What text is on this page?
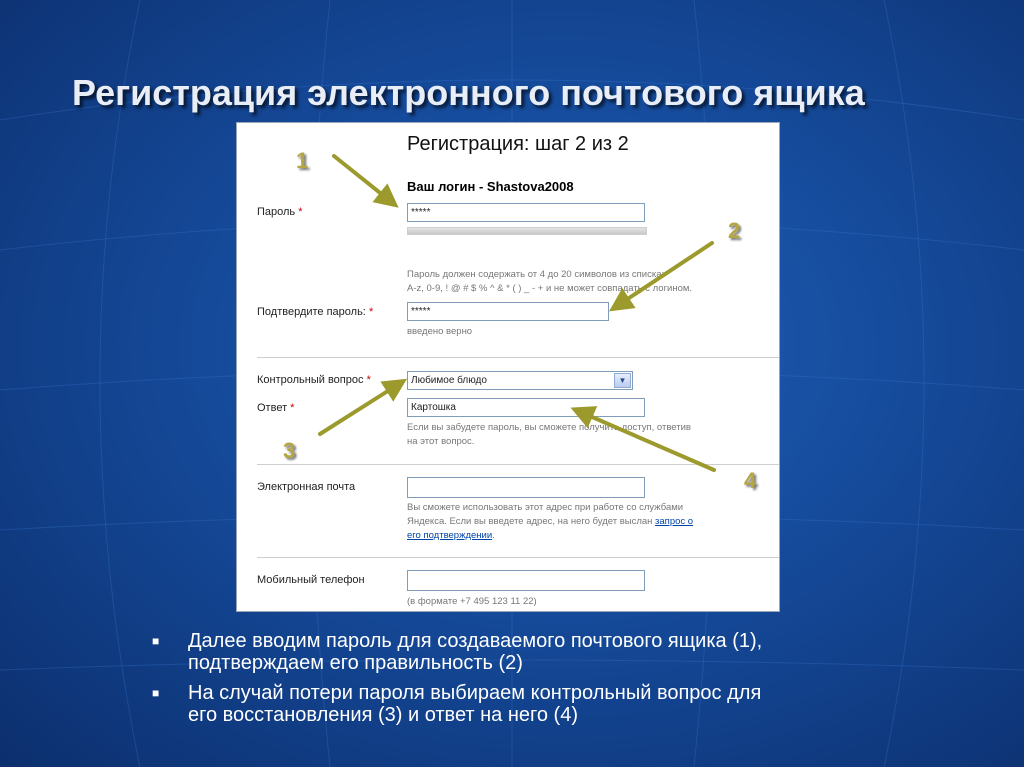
Регистрация электронного почтового ящика
Регистрация: шаг 2 из 2
Ваш логин - Shastova2008
Пароль *	*****
Пароль должен содержать от 4 до 20 символов из списка:
A-z, 0-9, ! @ # $ % ^ & * ( ) _ - + и не может совпадать с логином.
Подтвердите пароль: *	*****
введено верно
Контрольный вопрос *	Любимое блюдо	▼
Ответ *	Картошка
Если вы забудете пароль, вы сможете получить доступ, ответив
на этот вопрос.
Электронная почта
Вы сможете использовать этот адрес при работе со службами
Яндекса. Если вы введете адрес, на него будет выслан запрос о
его подтверждении.
Мобильный телефон
(в формате +7 495 123 11 22)
1
2
3
4
■ Далее вводим пароль для создаваемого почтового ящика (1),
подтверждаем его правильность (2)
■ На случай потери пароля выбираем контрольный вопрос для
его восстановления (3) и ответ на него (4)
